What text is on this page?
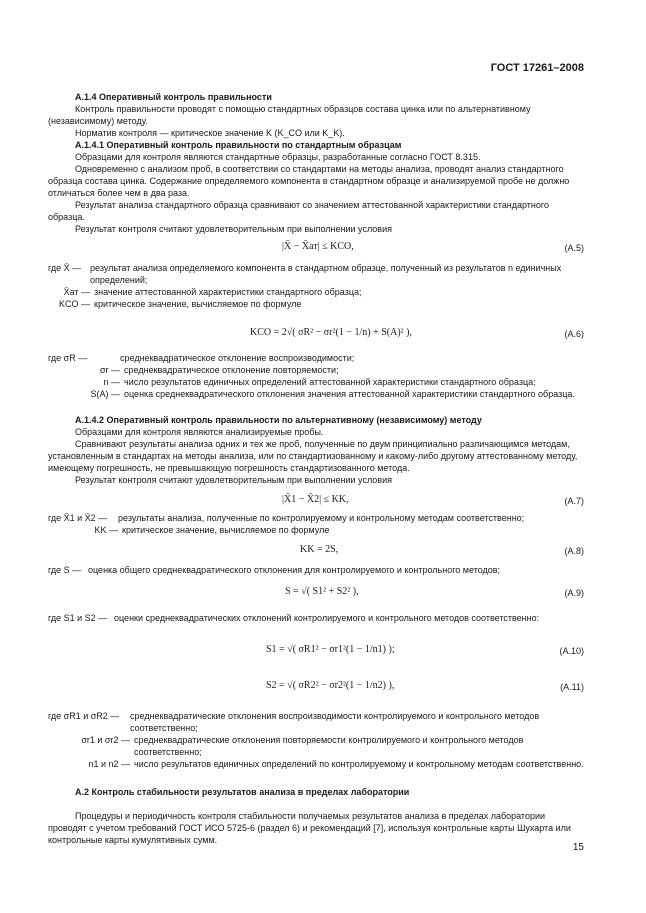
ГОСТ 17261–2008

А.1.4 Оперативный контроль правильности

Контроль правильности проводят с помощью стандартных образцов состава цинка или по альтернативному (независимому) методу.

Норматив контроля — критическое значение K (K_CO или K_K).

А.1.4.1 Оперативный контроль правильности по стандартным образцам

Образцами для контроля являются стандартные образцы, разработанные согласно ГОСТ 8.315.

Одновременно с анализом проб, в соответствии со стандартами на методы анализа, проводят анализ стандартного образца состава цинка. Содержание определяемого компонента в стандартном образце и анализируемой пробе не должно отличаться более чем в два раза.

Результат анализа стандартного образца сравнивают со значением аттестованной характеристики стандартного образца.

Результат контроля считают удовлетворительным при выполнении условия

|X̄ − X̄ат| ≤ KCO,	(А.5)
где X̄ — результат анализа определяемого компонента в стандартном образце, полученный из результатов n единичных определений;
X̄ат — значение аттестованной характеристики стандартного образца;
KCO — критическое значение, вычисляемое по формуле
KCO = 2√( σR² − σr²(1 − 1/n) + S(A)² ),	(А.6)
где σR —	среднеквадратическое отклонение воспроизводимости;
σr — среднеквадратическое отклонение повторяемости;
n — число результатов единичных определений аттестованной характеристики стандартного образца;
S(A) — оценка среднеквадратического отклонения значения аттестованной характеристики стандартного образца.

А.1.4.2 Оперативный контроль правильности по альтернативному (независимому) методу

Образцами для контроля являются анализируемые пробы.

Сравнивают результаты анализа одних и тех же проб, полученные по двум принципиально различающимся методам, установленным в стандартах на методы анализа, или по стандартизованному и какому-либо другому аттестованному методу, имеющему погрешность, не превышающую погрешность стандартизованного метода.

Результат контроля считают удовлетворительным при выполнении условия

|X̄1 − X̄2| ≤ KK,	(А.7)
где X̄1 и X̄2 —	результаты анализа, полученные по контролируемому и контрольному методам соответственно;
KK — критическое значение, вычисляемое по формуле
KK = 2S,	(А.8)
где S — оценка общего среднеквадратического отклонения для контролируемого и контрольного методов;
S = √( S1² + S2² ),	(А.9)
где S1 и S2 — оценки среднеквадратических отклонений контролируемого и контрольного методов соответственно:
S1 = √( σR1² − σr1²(1 − 1/n1) );	(А.10)
S2 = √( σR2² − σr2²(1 − 1/n2) ),	(А.11)
где σR1 и σR2 —	среднеквадратические отклонения воспроизводимости контролируемого и контрольного методов соответственно;
σr1 и σr2 — среднеквадратические отклонения повторяемости контролируемого и контрольного методов соответственно;
n1 и n2 — число результатов единичных определений по контролируемому и контрольному методам соответственно.

А.2 Контроль стабильности результатов анализа в пределах лаборатории

Процедуры и периодичность контроля стабильности получаемых результатов анализа в пределах лаборатории проводят с учетом требований ГОСТ ИСО 5725-6 (раздел 6) и рекомендаций [7], используя контрольные карты Шухарта или контрольные карты кумулятивных сумм.

15
